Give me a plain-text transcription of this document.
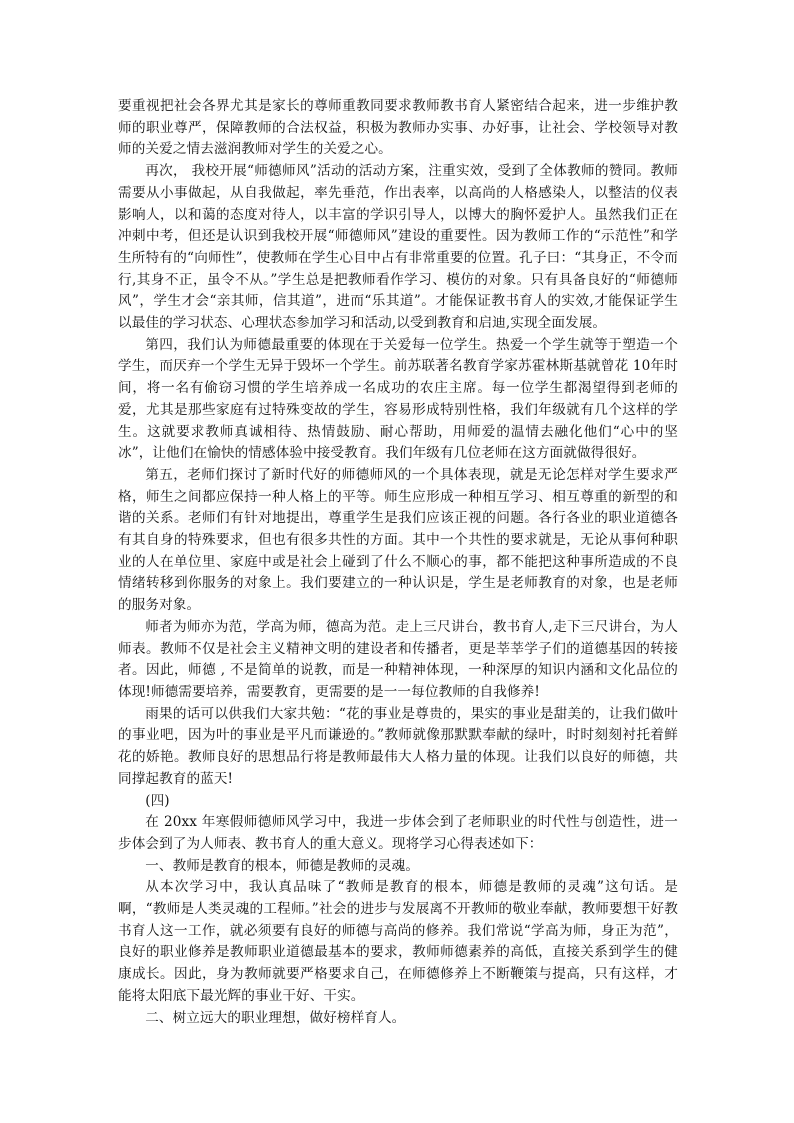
要重视把社会各界尤其是家长的尊师重教同要求教师教书育人紧密结合起来，进一步维护教师的职业尊严，保障教师的合法权益，积极为教师办实事、办好事，让社会、学校领导对教师的关爱之情去滋润教师对学生的关爱之心。

再次， 我校开展“师德师风”活动的活动方案，注重实效，受到了全体教师的赞同。教师需要从小事做起，从自我做起，率先垂范，作出表率，以高尚的人格感染人，以整洁的仪表影响人，以和蔼的态度对待人，以丰富的学识引导人，以博大的胸怀爱护人。虽然我们正在冲刺中考，但还是认识到我校开展“师德师风”建设的重要性。因为教师工作的“示范性”和学生所特有的“向师性”，使教师在学生心目中占有非常重要的位置。孔子曰：“其身正，不令而行,其身不正，虽令不从。”学生总是把教师看作学习、模仿的对象。只有具备良好的“师德师风”，学生才会“亲其师，信其道”，进而“乐其道”。才能保证教书育人的实效,才能保证学生以最佳的学习状态、心理状态参加学习和活动,以受到教育和启迪,实现全面发展。

第四，我们认为师德最重要的体现在于关爱每一位学生。热爱一个学生就等于塑造一个学生，而厌弃一个学生无异于毁坏一个学生。前苏联著名教育学家苏霍林斯基就曾花 10年时间，将一名有偷窃习惯的学生培养成一名成功的农庄主席。每一位学生都渴望得到老师的爱，尤其是那些家庭有过特殊变故的学生，容易形成特别性格，我们年级就有几个这样的学生。这就要求教师真诚相待、热情鼓励、耐心帮助，用师爱的温情去融化他们“心中的坚冰”，让他们在愉快的情感体验中接受教育。我们年级有几位老师在这方面就做得很好。

第五，老师们探讨了新时代好的师德师风的一个具体表现，就是无论怎样对学生要求严格，师生之间都应保持一种人格上的平等。师生应形成一种相互学习、相互尊重的新型的和谐的关系。老师们有针对地提出，尊重学生是我们应该正视的问题。各行各业的职业道德各有其自身的特殊要求，但也有很多共性的方面。其中一个共性的要求就是，无论从事何种职业的人在单位里、家庭中或是社会上碰到了什么不顺心的事，都不能把这种事所造成的不良情绪转移到你服务的对象上。我们要建立的一种认识是，学生是老师教育的对象，也是老师的服务对象。

师者为师亦为范，学高为师，德高为范。走上三尺讲台，教书育人,走下三尺讲台，为人师表。教师不仅是社会主义精神文明的建设者和传播者，更是莘莘学子们的道德基因的转接者。因此，师德 , 不是简单的说教，而是一种精神体现，一种深厚的知识内涵和文化品位的体现!师德需要培养，需要教育，更需要的是一一每位教师的自我修养!

雨果的话可以供我们大家共勉：“花的事业是尊贵的，果实的事业是甜美的，让我们做叶的事业吧，因为叶的事业是平凡而谦逊的。”教师就像那默默奉献的绿叶，时时刻刻衬托着鲜花的娇艳。教师良好的思想品行将是教师最伟大人格力量的体现。让我们以良好的师德，共同撑起教育的蓝天!

(四)

在 20xx 年寒假师德师风学习中，我进一步体会到了老师职业的时代性与创造性，进一步体会到了为人师表、教书育人的重大意义。现将学习心得表述如下：

一、教师是教育的根本，师德是教师的灵魂。

从本次学习中，我认真品味了“教师是教育的根本，师德是教师的灵魂”这句话。是啊，“教师是人类灵魂的工程师。”社会的进步与发展离不开教师的敬业奉献，教师要想干好教书育人这一工作，就必须要有良好的师德与高尚的修养。我们常说“学高为师，身正为范”，良好的职业修养是教师职业道德最基本的要求，教师师德素养的高低，直接关系到学生的健康成长。因此，身为教师就要严格要求自己，在师德修养上不断鞭策与提高，只有这样，才能将太阳底下最光辉的事业干好、干实。

二、树立远大的职业理想，做好榜样育人。
